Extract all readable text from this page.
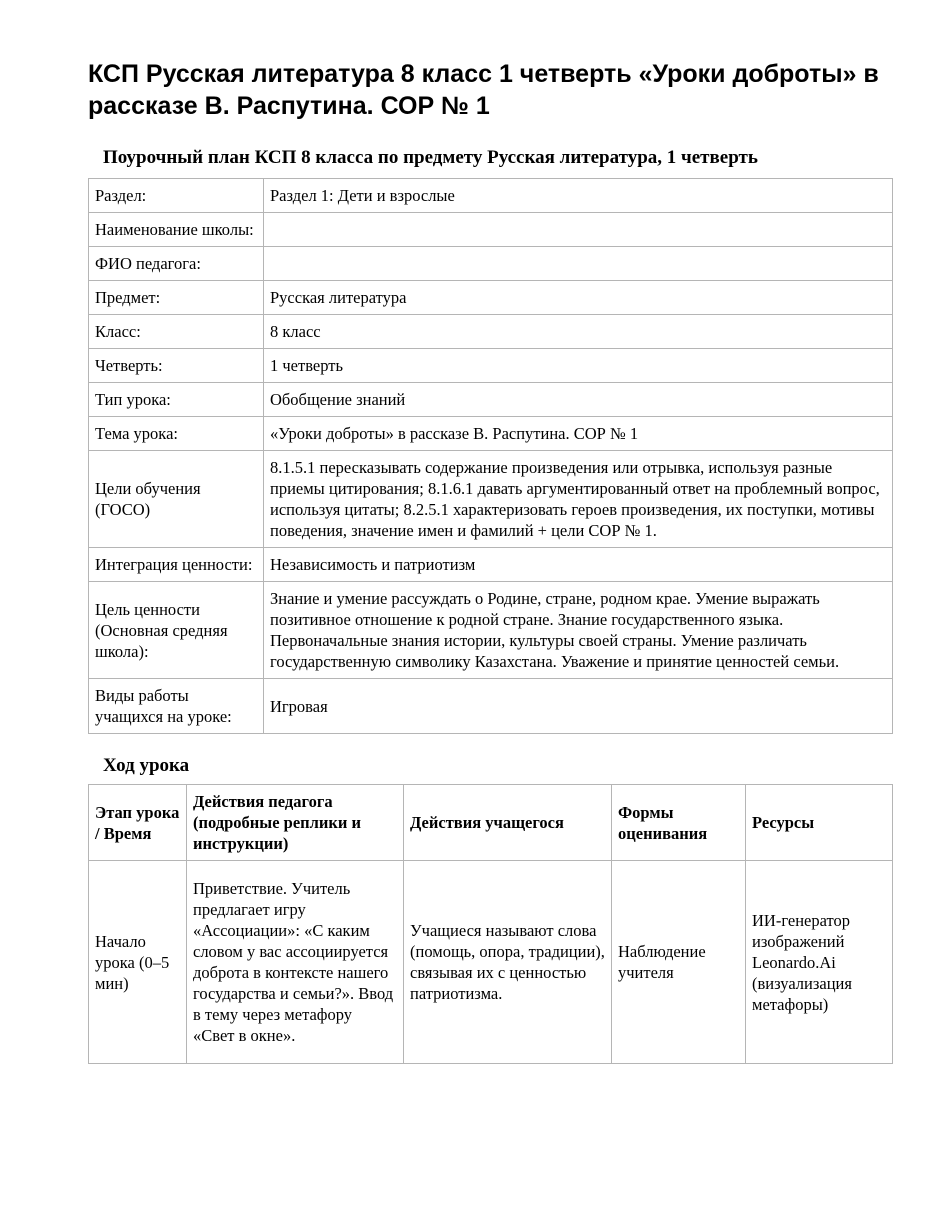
КСП Русская литература 8 класс 1 четверть «Уроки доброты» в рассказе В. Распутина. СОР № 1
Поурочный план КСП 8 класса по предмету Русская литература, 1 четверть
Раздел:	Раздел 1: Дети и взрослые
Наименование школы:	
ФИО педагога:	
Предмет:	Русская литература
Класс:	8 класс
Четверть:	1 четверть
Тип урока:	Обобщение знаний
Тема урока:	«Уроки доброты» в рассказе В. Распутина. СОР № 1
Цели обучения (ГОСО)	8.1.5.1 пересказывать содержание произведения или отрывка, используя разные приемы цитирования; 8.1.6.1 давать аргументированный ответ на проблемный вопрос, используя цитаты; 8.2.5.1 характеризовать героев произведения, их поступки, мотивы поведения, значение имен и фамилий + цели СОР № 1.
Интеграция ценности:	Независимость и патриотизм
Цель ценности (Основная средняя школа):	Знание и умение рассуждать о Родине, стране, родном крае. Умение выражать позитивное отношение к родной стране. Знание государственного языка. Первоначальные знания истории, культуры своей страны. Умение различать государственную символику Казахстана. Уважение и принятие ценностей семьи.
Виды работы учащихся на уроке:	Игровая
Ход урока
Этап урока / Время	Действия педагога (подробные реплики и инструкции)	Действия учащегося	Формы оценивания	Ресурсы
Начало урока (0–5 мин)	Приветствие. Учитель предлагает игру «Ассоциации»: «С каким словом у вас ассоциируется доброта в контексте нашего государства и семьи?». Ввод в тему через метафору «Свет в окне».	Учащиеся называют слова (помощь, опора, традиции), связывая их с ценностью патриотизма.	Наблюдение учителя	ИИ-генератор изображений Leonardo.Ai (визуализация метафоры)
